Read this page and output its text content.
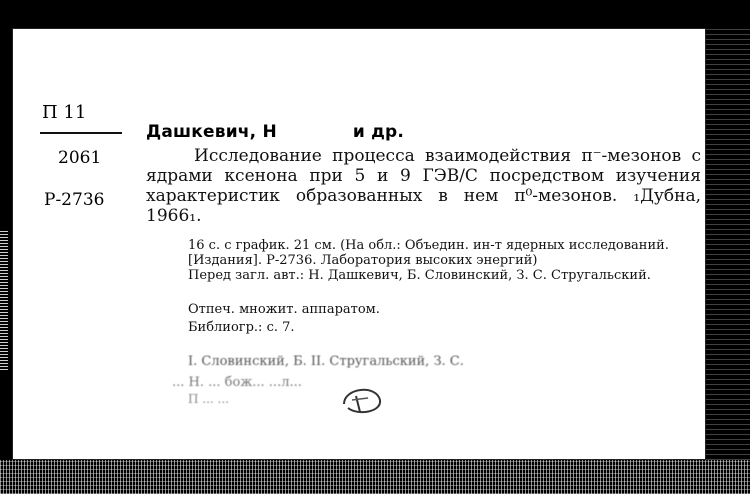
П 11
2061
Р-2736
Дашкевич, Н	и др.
Исследование процесса взаимодействия π⁻-мезонов с ядрами ксенона при 5 и 9 ГЭВ/С посредством изучения характеристик образованных в нем π⁰-мезонов. ₁Дубна, 1966₁.
16 с. с график. 21 см. (На обл.: Объедин. ин-т ядерных исследований. [Издания]. Р-2736. Лаборатория высоких энергий)
Перед загл. авт.: Н. Дашкевич, Б. Словинский, З. С. Стругальский.
Отпеч. множит. аппаратом.
Библиогр.: с. 7.
I. Словинский, Б. II. Стругальский, З. С.
... Н. ... бож... ...л...
П ... ...
